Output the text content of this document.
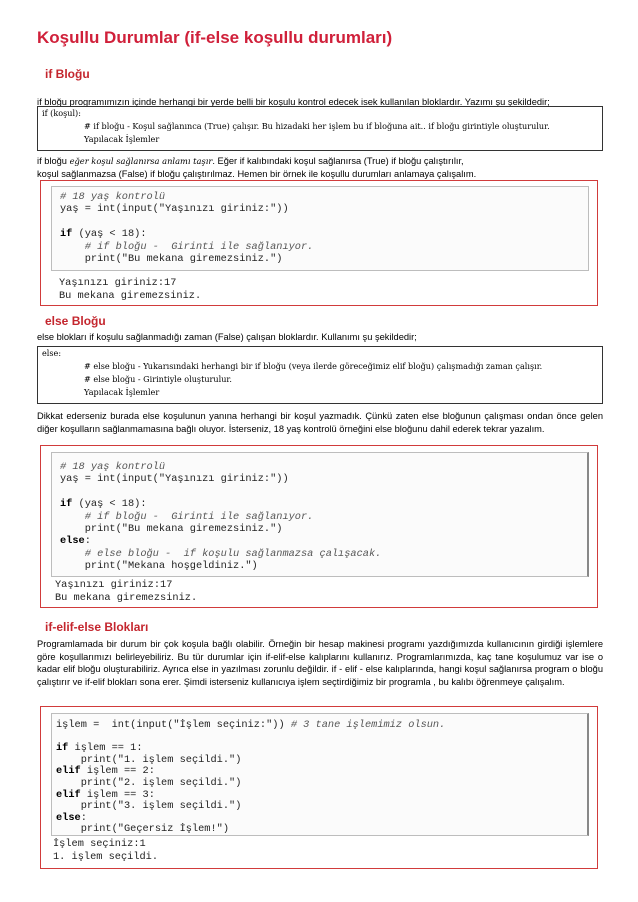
Koşullu Durumlar (if-else koşullu durumları)
if Bloğu
if bloğu programımızın içinde herhangi bir yerde belli bir koşulu kontrol edecek isek kullanılan bloklardır. Yazımı şu şekildedir;
if (koşul):
# if bloğu - Koşul sağlanınca (True) çalışır. Bu hizadaki her işlem bu if bloğuna ait.. if bloğu girintiyle oluşturulur.
Yapılacak İşlemler
if bloğu eğer koşul sağlanırsa anlamı taşır. Eğer if kalıbındaki koşul sağlanırsa (True) if bloğu çalıştırılır,
koşul sağlanmazsa (False) if bloğu çalıştırılmaz. Hemen bir örnek ile koşullu durumları anlamaya çalışalım.
# 18 yaş kontrolü
yaş = int(input("Yaşınızı giriniz:"))

if (yaş < 18):
# if bloğu -  Girinti ile sağlanıyor.
print("Bu mekana giremezsiniz.")
Yaşınızı giriniz:17
Bu mekana giremezsiniz.
else Bloğu
else blokları if koşulu sağlanmadığı zaman (False) çalışan bloklardır. Kullanımı şu şekildedir;
else:
# else bloğu - Yukarısındaki herhangi bir if bloğu (veya ilerde göreceğimiz elif bloğu) çalışmadığı zaman çalışır.
# else bloğu - Girintiyle oluşturulur.
Yapılacak İşlemler
Dikkat ederseniz burada else koşulunun yanına herhangi bir koşul yazmadık. Çünkü zaten else bloğunun çalışması ondan önce gelen diğer koşulların sağlanmamasına bağlı oluyor. İsterseniz, 18 yaş kontrolü örneğini else bloğunu dahil ederek tekrar yazalım.
# 18 yaş kontrolü
yaş = int(input("Yaşınızı giriniz:"))

if (yaş < 18):
# if bloğu -  Girinti ile sağlanıyor.
print("Bu mekana giremezsiniz.")
else:
# else bloğu -  if koşulu sağlanmazsa çalışacak.
print("Mekana hoşgeldiniz.")
Yaşınızı giriniz:17
Bu mekana giremezsiniz.
if-elif-else Blokları
Programlamada bir durum bir çok koşula bağlı olabilir. Örneğin bir hesap makinesi programı yazdığımızda kullanıcının girdiği işlemlere göre koşullarımızı belirleyebiliriz. Bu tür durumlar için if-elif-else kalıplarını kullanırız. Programlarımızda, kaç tane koşulumuz var ise o kadar elif bloğu oluşturabiliriz. Ayrıca else in yazılması zorunlu değildir. if - elif - else kalıplarında, hangi koşul sağlanırsa program o bloğu çalıştırır ve if-elif blokları sona erer. Şimdi isterseniz kullanıcıya işlem seçtirdiğimiz bir programla , bu kalıbı öğrenmeye çalışalım.
işlem =  int(input("İşlem seçiniz:")) # 3 tane işlemimiz olsun.

if işlem == 1:
print("1. işlem seçildi.")
elif işlem == 2:
print("2. işlem seçildi.")
elif işlem == 3:
print("3. işlem seçildi.")
else:
print("Geçersiz İşlem!")
İşlem seçiniz:1
1. işlem seçildi.
